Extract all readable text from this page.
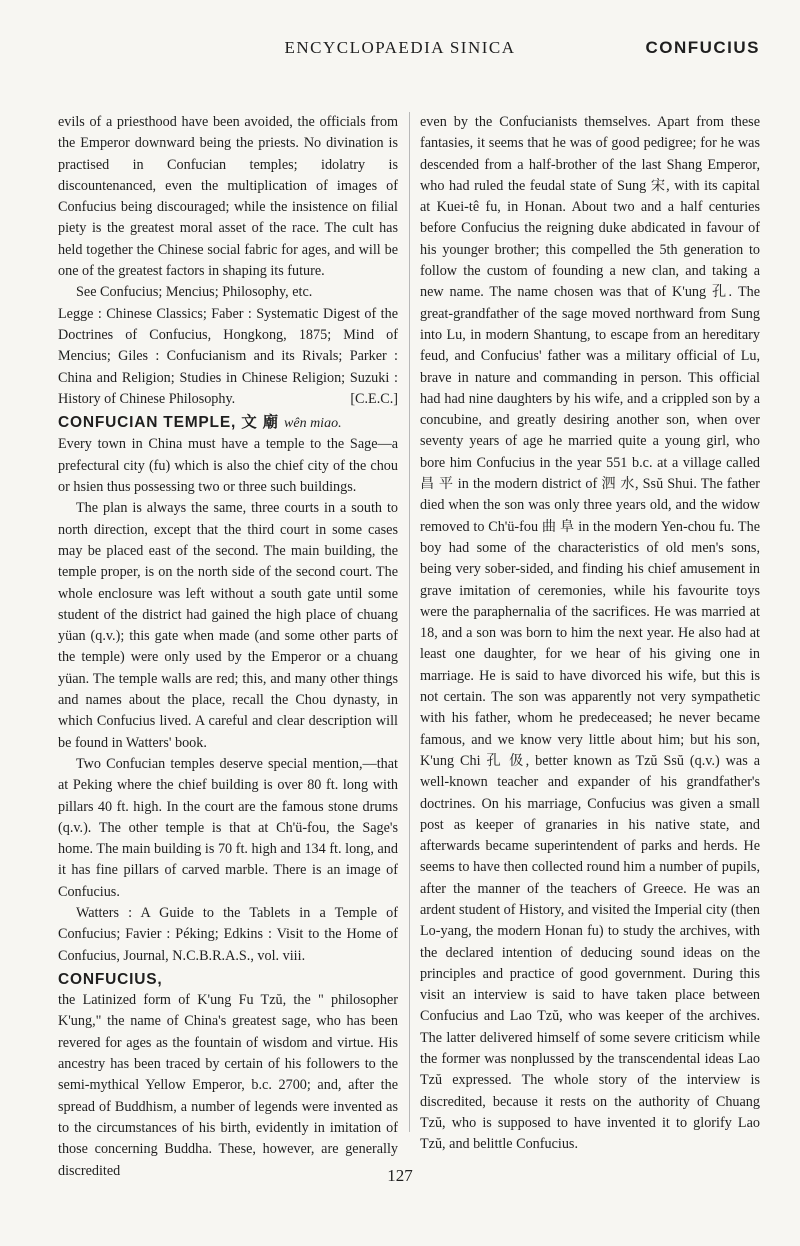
ENCYCLOPAEDIA SINICA	CONFUCIUS

evils of a priesthood have been avoided, the officials from the Emperor downward being the priests. No divination is practised in Confucian temples; idolatry is discountenanced, even the multiplication of images of Confucius being discouraged; while the insistence on filial piety is the greatest moral asset of the race. The cult has held together the Chinese social fabric for ages, and will be one of the greatest factors in shaping its future.

See Confucius; Mencius; Philosophy, etc.

Legge : Chinese Classics; Faber : Systematic Digest of the Doctrines of Confucius, Hongkong, 1875; Mind of Mencius; Giles : Confucianism and its Rivals; Parker : China and Religion; Studies in Chinese Religion; Suzuki : History of Chinese Philosophy.	[C.E.C.]

CONFUCIAN TEMPLE, 文 廟 wên miao.

Every town in China must have a temple to the Sage—a prefectural city (fu) which is also the chief city of the chou or hsien thus possessing two or three such buildings.

The plan is always the same, three courts in a south to north direction, except that the third court in some cases may be placed east of the second. The main building, the temple proper, is on the north side of the second court. The whole enclosure was left without a south gate until some student of the district had gained the high place of chuang yüan (q.v.); this gate when made (and some other parts of the temple) were only used by the Emperor or a chuang yüan. The temple walls are red; this, and many other things and names about the place, recall the Chou dynasty, in which Confucius lived. A careful and clear description will be found in Watters' book.

Two Confucian temples deserve special mention,—that at Peking where the chief building is over 80 ft. long with pillars 40 ft. high. In the court are the famous stone drums (q.v.). The other temple is that at Ch'ü-fou, the Sage's home. The main building is 70 ft. high and 134 ft. long, and it has fine pillars of carved marble. There is an image of Confucius.

Watters : A Guide to the Tablets in a Temple of Confucius; Favier : Péking; Edkins : Visit to the Home of Confucius, Journal, N.C.B.R.A.S., vol. viii.

CONFUCIUS,

the Latinized form of K'ung Fu Tzŭ, the " philosopher K'ung," the name of China's greatest sage, who has been revered for ages as the fountain of wisdom and virtue. His ancestry has been traced by certain of his followers to the semi-mythical Yellow Emperor, b.c. 2700; and, after the spread of Buddhism, a number of legends were invented as to the circumstances of his birth, evidently in imitation of those concerning Buddha. These, however, are generally discredited

even by the Confucianists themselves. Apart from these fantasies, it seems that he was of good pedigree; for he was descended from a half-brother of the last Shang Emperor, who had ruled the feudal state of Sung 宋, with its capital at Kuei-tê fu, in Honan. About two and a half centuries before Confucius the reigning duke abdicated in favour of his younger brother; this compelled the 5th generation to follow the custom of founding a new clan, and taking a new name. The name chosen was that of K'ung 孔. The great-grandfather of the sage moved northward from Sung into Lu, in modern Shantung, to escape from an hereditary feud, and Confucius' father was a military official of Lu, brave in nature and commanding in person. This official had had nine daughters by his wife, and a crippled son by a concubine, and greatly desiring another son, when over seventy years of age he married quite a young girl, who bore him Confucius in the year 551 b.c. at a village called 昌 平 in the modern district of 泗 水, Ssŭ Shui. The father died when the son was only three years old, and the widow removed to Ch'ü-fou 曲 阜 in the modern Yen-chou fu. The boy had some of the characteristics of old men's sons, being very sober-sided, and finding his chief amusement in grave imitation of ceremonies, while his favourite toys were the paraphernalia of the sacrifices. He was married at 18, and a son was born to him the next year. He also had at least one daughter, for we hear of his giving one in marriage. He is said to have divorced his wife, but this is not certain. The son was apparently not very sympathetic with his father, whom he predeceased; he never became famous, and we know very little about him; but his son, K'ung Chi 孔 伋, better known as Tzŭ Ssŭ (q.v.) was a well-known teacher and expander of his grandfather's doctrines. On his marriage, Confucius was given a small post as keeper of granaries in his native state, and afterwards became superintendent of parks and herds. He seems to have then collected round him a number of pupils, after the manner of the teachers of Greece. He was an ardent student of History, and visited the Imperial city (then Lo-yang, the modern Honan fu) to study the archives, with the declared intention of deducing sound ideas on the principles and practice of good government. During this visit an interview is said to have taken place between Confucius and Lao Tzŭ, who was keeper of the archives. The latter delivered himself of some severe criticism while the former was nonplussed by the transcendental ideas Lao Tzŭ expressed. The whole story of the interview is discredited, because it rests on the authority of Chuang Tzŭ, who is supposed to have invented it to glorify Lao Tzŭ, and belittle Confucius.

127
